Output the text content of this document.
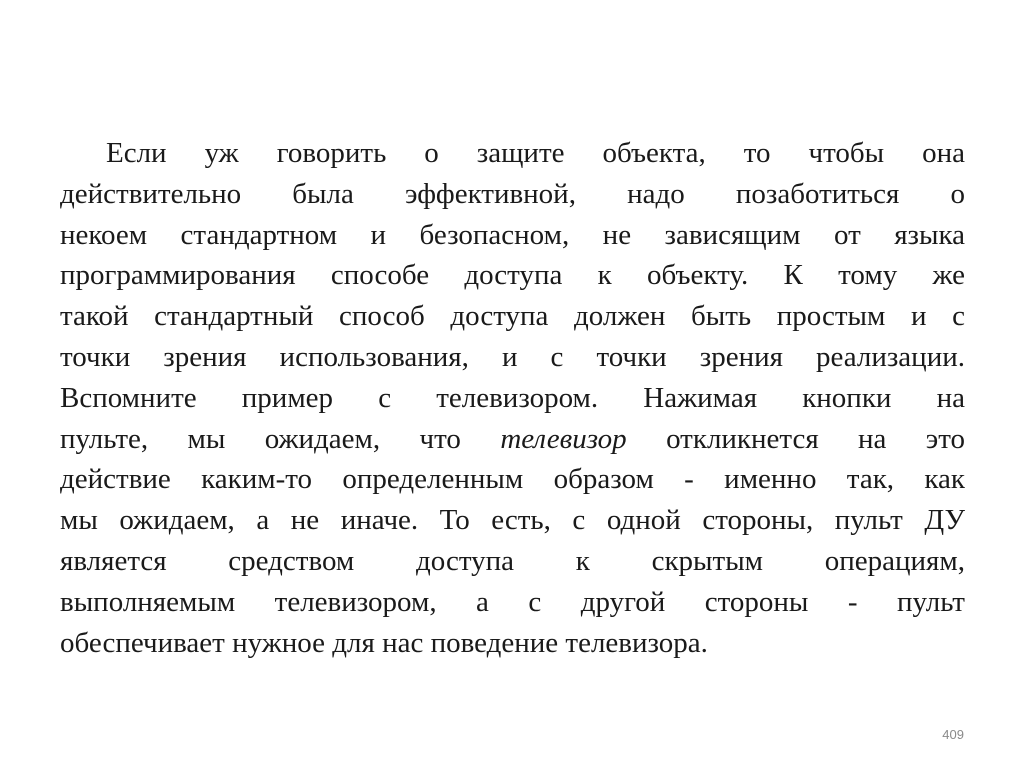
Если уж говорить о защите объекта, то чтобы она
действительно была эффективной, надо позаботиться о
некоем стандартном и безопасном, не зависящим от языка
программирования способе доступа к объекту. К тому же
такой стандартный способ доступа должен быть простым и с
точки зрения использования, и с точки зрения реализации.
Вспомните пример с телевизором. Нажимая кнопки на
пульте, мы ожидаем, что телевизор откликнется на это
действие каким-то определенным образом - именно так, как
мы ожидаем, а не иначе. То есть, с одной стороны, пульт ДУ
является средством доступа к скрытым операциям,
выполняемым телевизором, а с другой стороны - пульт
обеспечивает нужное для нас поведение телевизора.
409
